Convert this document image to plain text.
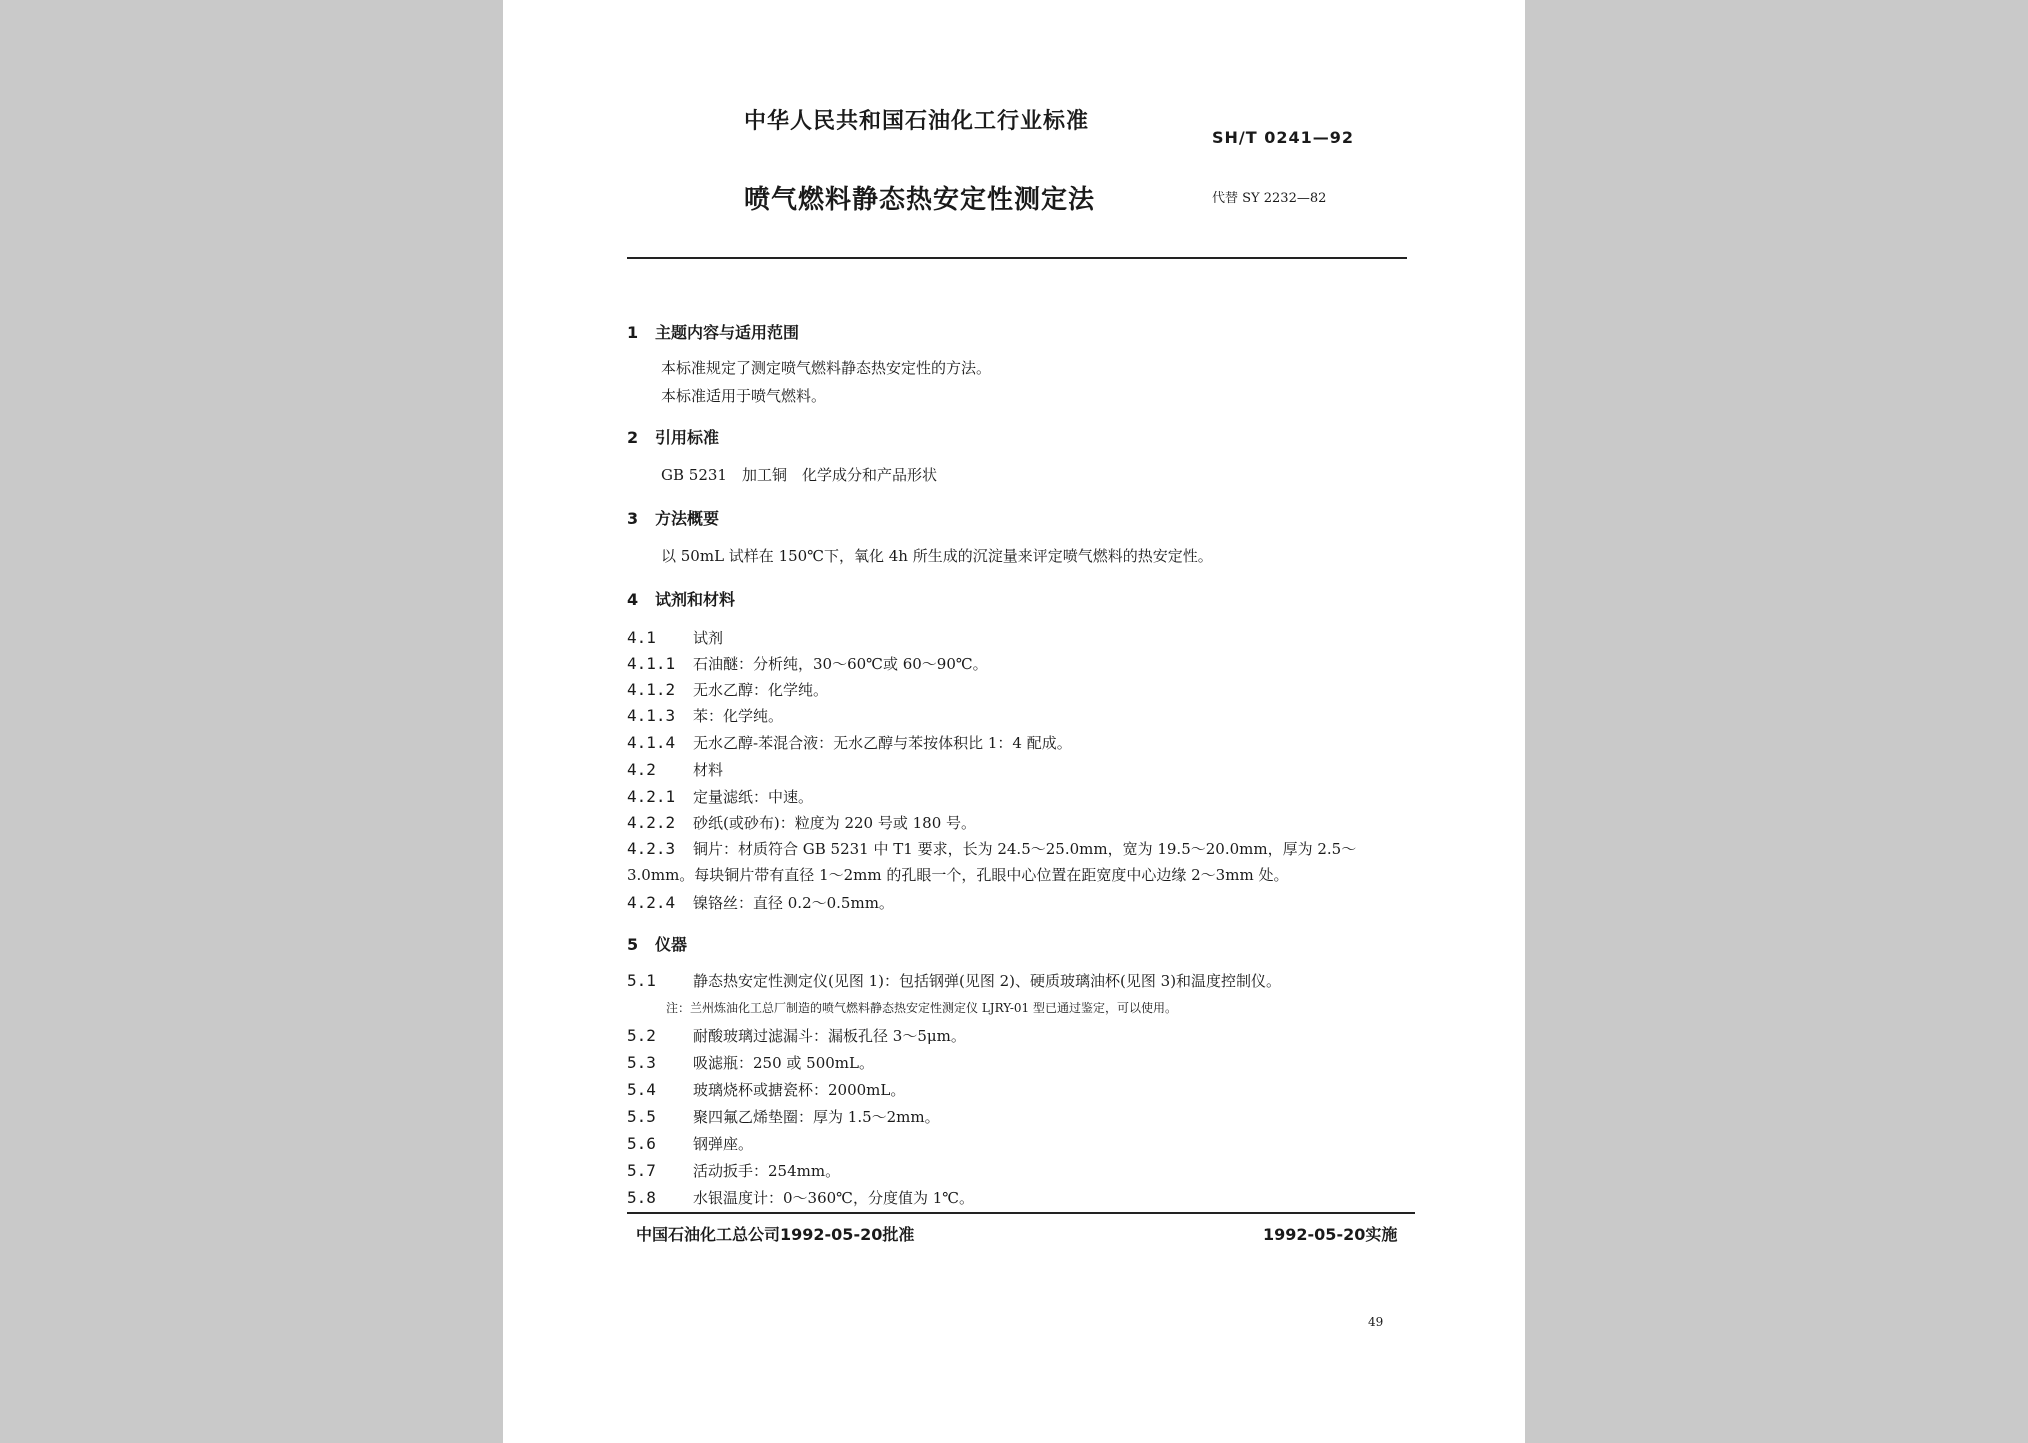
中华人民共和国石油化工行业标准
SH/T 0241—92
喷气燃料静态热安定性测定法	代替 SY 2232—82
1 主题内容与适用范围
本标准规定了测定喷气燃料静态热安定性的方法。
本标准适用于喷气燃料。
2 引用标准
GB 5231　加工铜　化学成分和产品形状
3 方法概要
以 50mL 试样在 150℃下，氧化 4h 所生成的沉淀量来评定喷气燃料的热安定性。
4 试剂和材料
4.1 试剂
4.1.1 石油醚：分析纯，30～60℃或 60～90℃。
4.1.2 无水乙醇：化学纯。
4.1.3 苯：化学纯。
4.1.4 无水乙醇-苯混合液：无水乙醇与苯按体积比 1：4 配成。
4.2 材料
4.2.1 定量滤纸：中速。
4.2.2 砂纸(或砂布)：粒度为 220 号或 180 号。
4.2.3 铜片：材质符合 GB 5231 中 T1 要求，长为 24.5～25.0mm，宽为 19.5～20.0mm，厚为 2.5～
3.0mm。每块铜片带有直径 1～2mm 的孔眼一个，孔眼中心位置在距宽度中心边缘 2～3mm 处。
4.2.4 镍铬丝：直径 0.2～0.5mm。
5 仪器
5.1 静态热安定性测定仪(见图 1)：包括钢弹(见图 2)、硬质玻璃油杯(见图 3)和温度控制仪。
注：兰州炼油化工总厂制造的喷气燃料静态热安定性测定仪 LJRY-01 型已通过鉴定，可以使用。
5.2 耐酸玻璃过滤漏斗：漏板孔径 3～5μm。
5.3 吸滤瓶：250 或 500mL。
5.4 玻璃烧杯或搪瓷杯：2000mL。
5.5 聚四氟乙烯垫圈：厚为 1.5～2mm。
5.6 钢弹座。
5.7 活动扳手：254mm。
5.8 水银温度计：0～360℃，分度值为 1℃。
中国石油化工总公司1992-05-20批准	1992-05-20实施
49
